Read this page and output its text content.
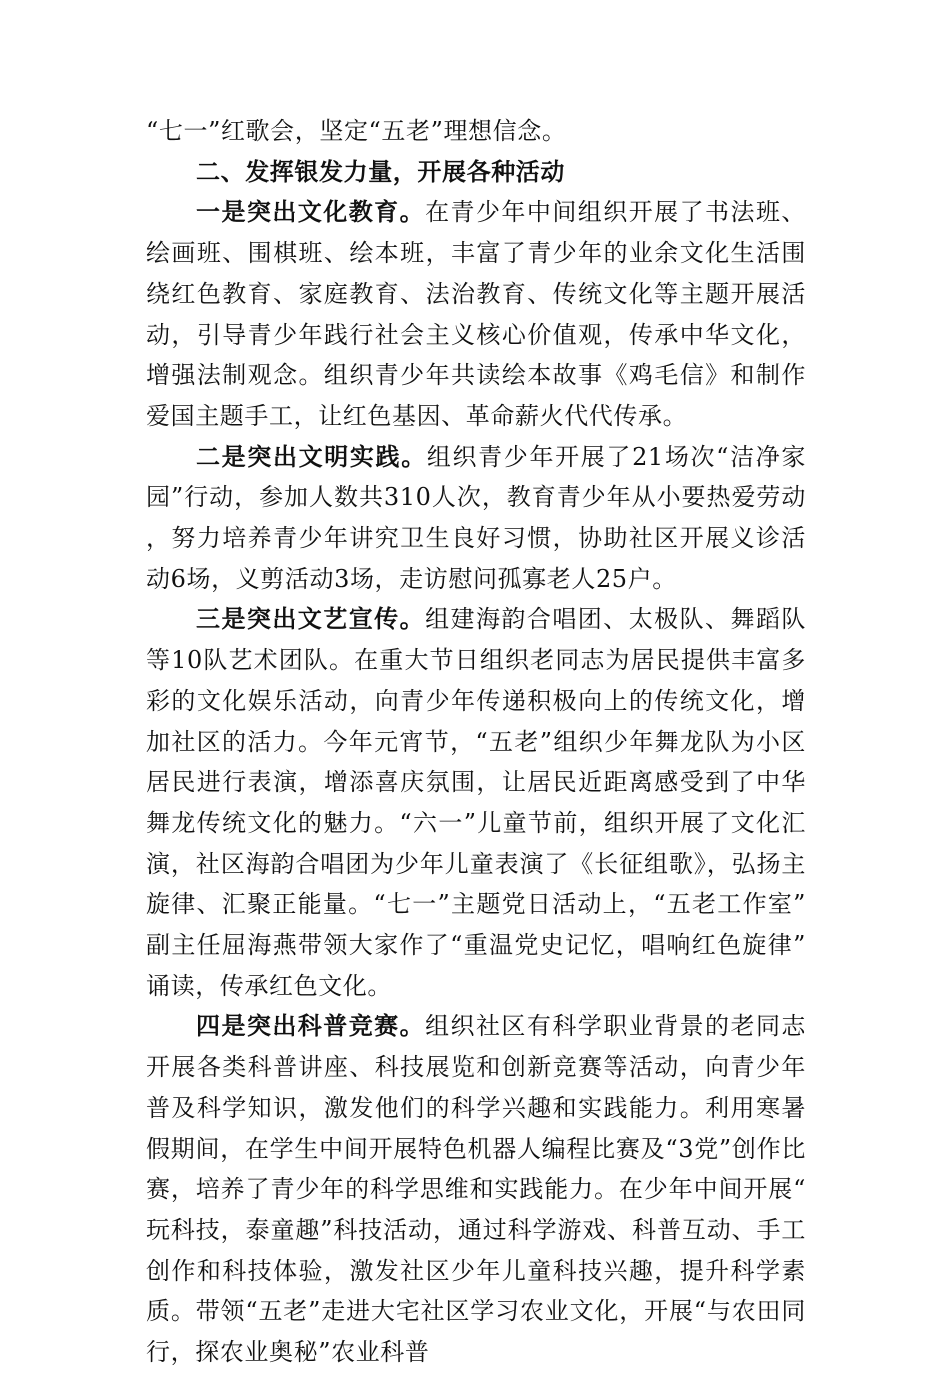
“七一”红歌会，坚定“五老”理想信念。

二、发挥银发力量，开展各种活动

一是突出文化教育。在青少年中间组织开展了书法班、绘画班、围棋班、绘本班，丰富了青少年的业余文化生活围绕红色教育、家庭教育、法治教育、传统文化等主题开展活动，引导青少年践行社会主义核心价值观，传承中华文化，增强法制观念。组织青少年共读绘本故事《鸡毛信》和制作爱国主题手工，让红色基因、革命薪火代代传承。

二是突出文明实践。组织青少年开展了21场次“洁净家园”行动，参加人数共310人次，教育青少年从小要热爱劳动，努力培养青少年讲究卫生良好习惯，协助社区开展义诊活动6场，义剪活动3场，走访慰问孤寡老人25户。

三是突出文艺宣传。组建海韵合唱团、太极队、舞蹈队等10队艺术团队。在重大节日组织老同志为居民提供丰富多彩的文化娱乐活动，向青少年传递积极向上的传统文化，增加社区的活力。今年元宵节，“五老”组织少年舞龙队为小区居民进行表演，增添喜庆氛围，让居民近距离感受到了中华舞龙传统文化的魅力。“六一”儿童节前，组织开展了文化汇演，社区海韵合唱团为少年儿童表演了《长征组歌》，弘扬主旋律、汇聚正能量。“七一”主题党日活动上，“五老工作室”副主任屈海燕带领大家作了“重温党史记忆，唱响红色旋律”诵读，传承红色文化。

四是突出科普竞赛。组织社区有科学职业背景的老同志开展各类科普讲座、科技展览和创新竞赛等活动，向青少年普及科学知识，激发他们的科学兴趣和实践能力。利用寒暑假期间，在学生中间开展特色机器人编程比赛及“3党”创作比赛，培养了青少年的科学思维和实践能力。在少年中间开展“玩科技，泰童趣”科技活动，通过科学游戏、科普互动、手工创作和科技体验，激发社区少年儿童科技兴趣，提升科学素质。带领“五老”走进大宅社区学习农业文化，开展“与农田同行，探农业奥秘”农业科普
